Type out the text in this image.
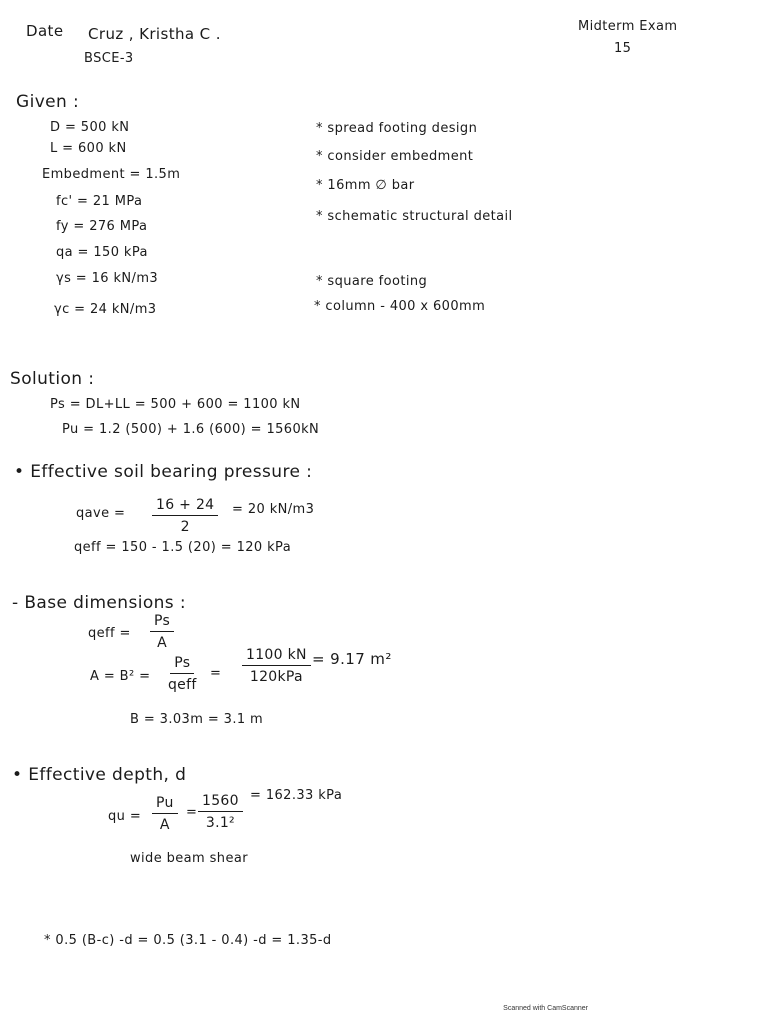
Date Cruz , Kristha C .
BSCE-3
Midterm Exam
15
Given :
D = 500 kN
L = 600 kN
Embedment = 1.5m
fc' = 21 MPa
fy = 276 MPa
qa = 150 kPa
γs = 16 kN/m3
γc = 24 kN/m3
* spread footing design
* consider embedment
* 16mm ∅ bar
* schematic structural detail
* square footing
* column - 400 x 600mm
Solution :
Ps = DL+LL = 500 + 600 = 1100 kN
Pu = 1.2 (500) + 1.6 (600) = 1560kN
• Effective soil bearing pressure :
qave = $\frac{16 + 24}{2} = 20$ kN/m3
qeff = 150 - 1.5 (20) = 120 kPa
- Base dimensions :
qeff = $\frac{Ps}{A}$
A = B² =
Ps
qeff
=
1100 kN
120kPa
= 9.17 m²
B = 3.03m = 3.1 m
• Effective depth, d
qu = $\frac{Pu}{A} = \frac{1560}{\text{3.1²}} = 162.33$ kPa
wide beam shear
* 0.5 (B-c) -d = 0.5 (3.1 - 0.4) -d = 1.35-d
Scanned with CamScanner
